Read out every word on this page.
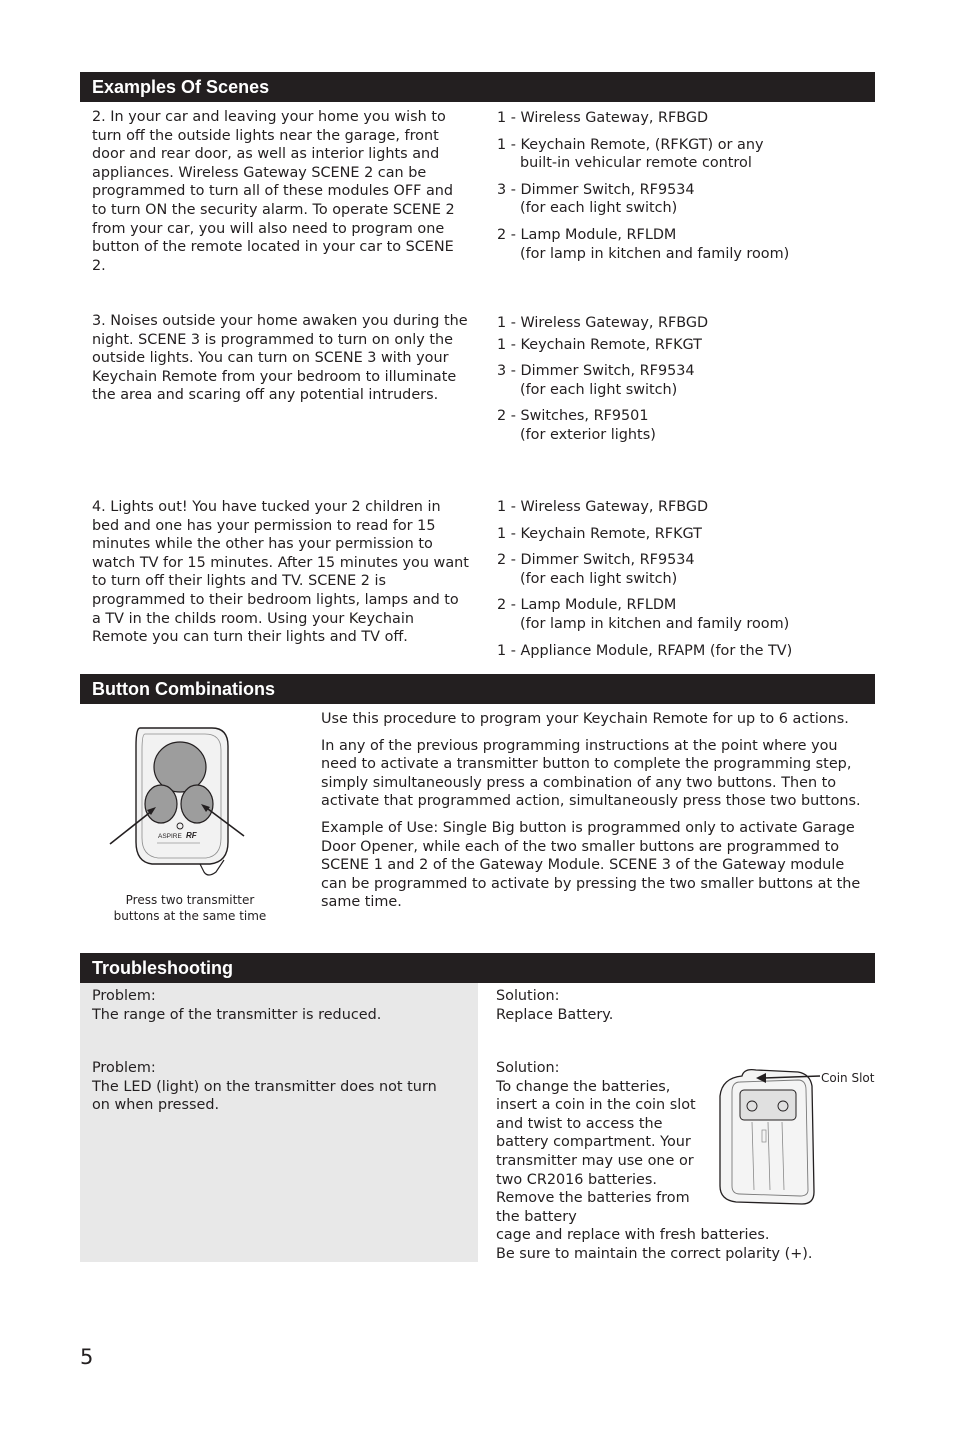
Examples Of Scenes
2. In your car and leaving your home you wish to turn off the outside lights near the garage, front door and rear door, as well as interior lights and appliances. Wireless Gateway SCENE 2 can be programmed to turn all of these modules OFF and to turn ON the security alarm. To operate SCENE 2 from your car, you will also need to program one button of the remote located in your car to SCENE 2.
1 - Wireless Gateway, RFBGD
1 - Keychain Remote, (RFKGT) or any
built-in vehicular remote control
3 - Dimmer Switch, RF9534
(for each light switch)
2 - Lamp Module, RFLDM
(for lamp in kitchen and family room)
3. Noises outside your home awaken you during the night. SCENE 3 is programmed to turn on only the outside lights. You can turn on SCENE 3 with your Keychain Remote from your bedroom to illuminate the area and scaring off any potential intruders.
1 - Wireless Gateway, RFBGD
1 - Keychain Remote, RFKGT
3 - Dimmer Switch, RF9534
(for each light switch)
2 - Switches, RF9501
(for exterior lights)
4. Lights out! You have tucked your 2 children in bed and one has your permission to read for 15 minutes while the other has your permission to watch TV for 15 minutes. After 15 minutes you want to turn off their lights and TV. SCENE 2 is programmed to their bedroom lights, lamps and to a TV in the childs room. Using your Keychain Remote you can turn their lights and TV off.
1 - Wireless Gateway, RFBGD
1 - Keychain Remote, RFKGT
2 - Dimmer Switch, RF9534
(for each light switch)
2 - Lamp Module, RFLDM
(for lamp in kitchen and family room)
1 - Appliance Module, RFAPM (for the TV)
Button Combinations
ASPIRE RF
Press two transmitter
buttons at the same time

Use this procedure to program your Keychain Remote for up to 6 actions.

In any of the previous programming instructions at the point where you need to activate a transmitter button to complete the programming step, simply simultaneously press a combination of any two buttons. Then to activate that programmed action, simultaneously press those two buttons.

Example of Use: Single Big button is programmed only to activate Garage Door Opener, while each of the two smaller buttons are programmed to SCENE 1 and 2 of the Gateway Module. SCENE 3 of the Gateway module can be programmed to activate by pressing the two smaller buttons at the same time.

Troubleshooting
Problem:
The range of the transmitter is reduced.
Solution:
Replace Battery.
Problem:
The LED (light) on the transmitter does not turn on when pressed.
Solution:
To change the batteries, insert a coin in the coin slot and twist to access the battery compartment. Your transmitter may use one or two CR2016 batteries. Remove the batteries from the battery
cage and replace with fresh batteries.
Be sure to maintain the correct polarity (+).
Coin Slot
5
